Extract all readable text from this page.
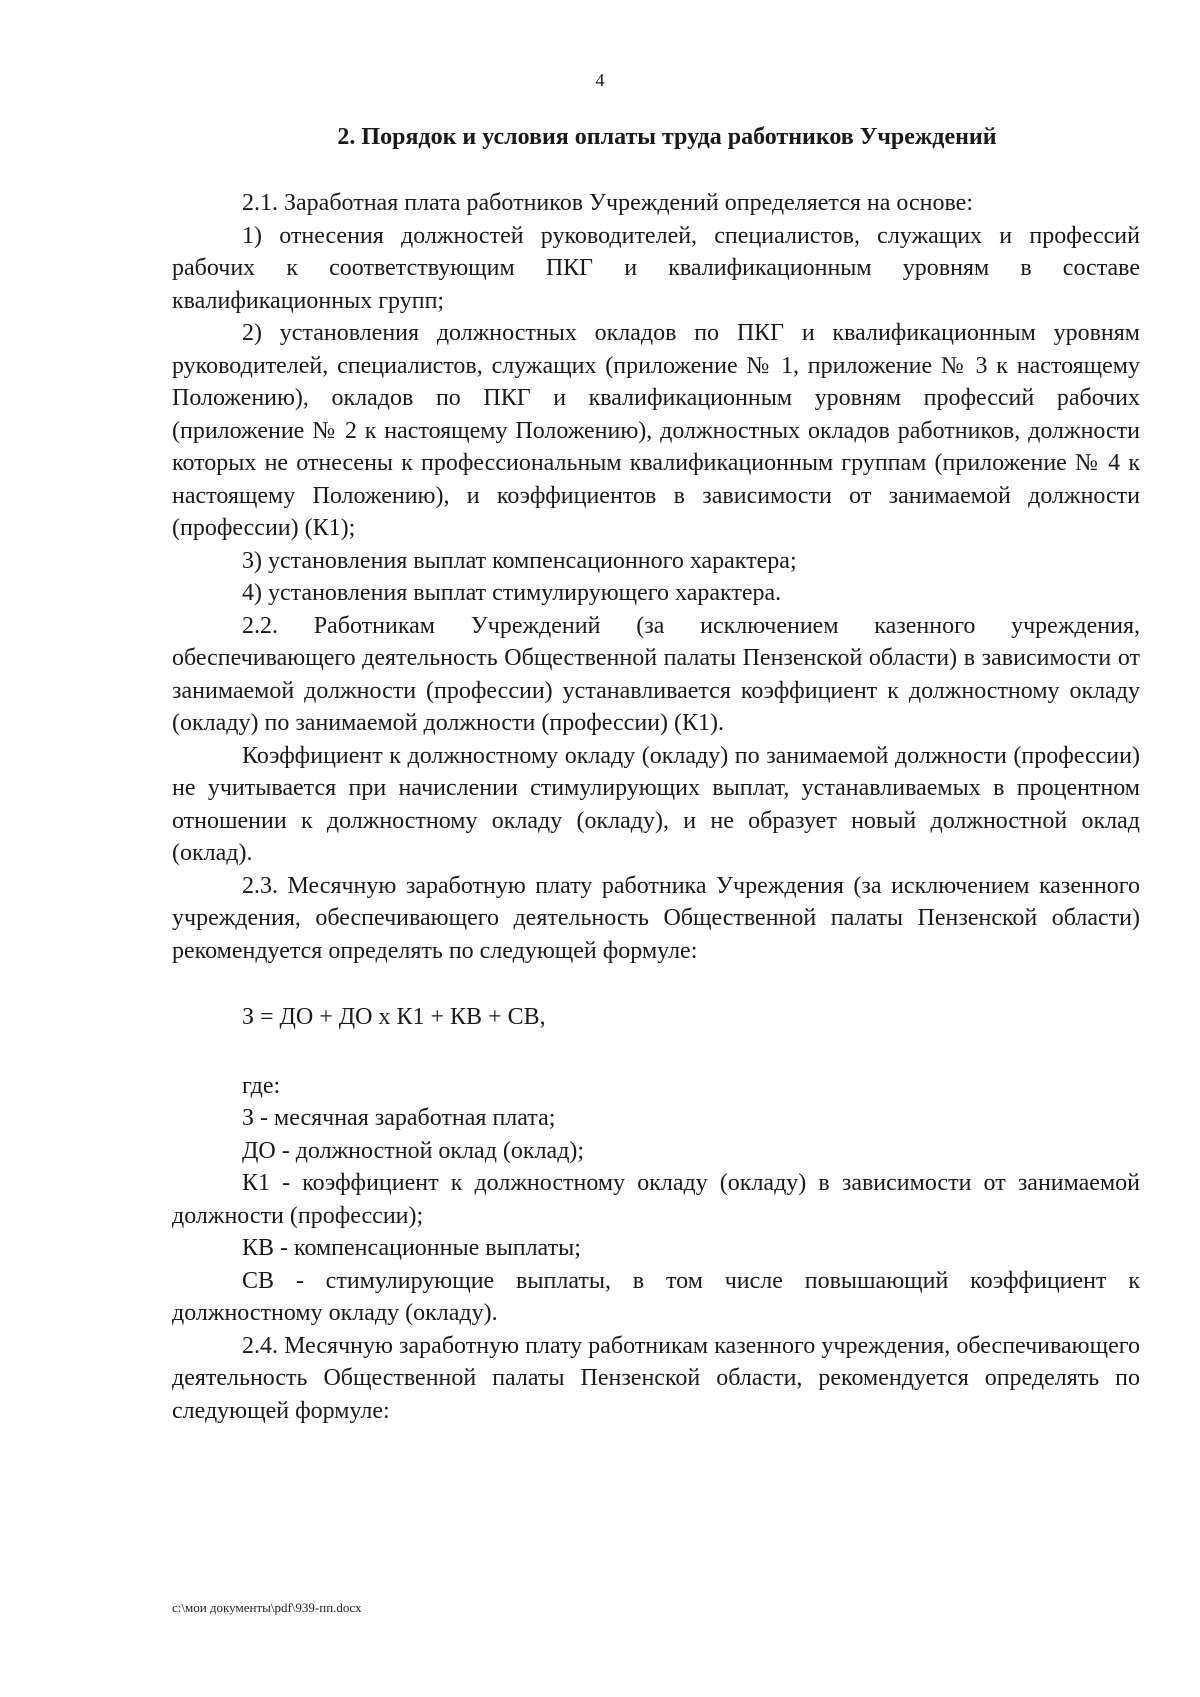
4
2. Порядок и условия оплаты труда работников Учреждений

2.1. Заработная плата работников Учреждений определяется на основе:

1) отнесения должностей руководителей, специалистов, служащих и профессий рабочих к соответствующим ПКГ и квалификационным уровням в составе квалификационных групп;

2) установления должностных окладов по ПКГ и квалификационным уровням руководителей, специалистов, служащих (приложение № 1, приложение № 3 к настоящему Положению), окладов по ПКГ и квалификационным уровням профессий рабочих (приложение № 2 к настоящему Положению), должностных окладов работников, должности которых не отнесены к профессиональным квалификационным группам (приложение № 4 к настоящему Положению), и коэффициентов в зависимости от занимаемой должности (профессии) (К1);

3) установления выплат компенсационного характера;

4) установления выплат стимулирующего характера.

2.2. Работникам Учреждений (за исключением казенного учреждения, обеспечивающего деятельность Общественной палаты Пензенской области) в зависимости от занимаемой должности (профессии) устанавливается коэффициент к должностному окладу (окладу) по занимаемой должности (профессии) (К1).

Коэффициент к должностному окладу (окладу) по занимаемой должности (профессии) не учитывается при начислении стимулирующих выплат, устанавливаемых в процентном отношении к должностному окладу (окладу), и не образует новый должностной оклад (оклад).

2.3. Месячную заработную плату работника Учреждения (за исключением казенного учреждения, обеспечивающего деятельность Общественной палаты Пензенской области) рекомендуется определять по следующей формуле:

З = ДО + ДО х К1 + КВ + СВ,

где:

З - месячная заработная плата;

ДО - должностной оклад (оклад);

К1 - коэффициент к должностному окладу (окладу) в зависимости от занимаемой должности (профессии);

КВ - компенсационные выплаты;

СВ - стимулирующие выплаты, в том числе повышающий коэффициент к должностному окладу (окладу).

2.4. Месячную заработную плату работникам казенного учреждения, обеспечивающего деятельность Общественной палаты Пензенской области, рекомендуется определять по следующей формуле:

c:\мои документы\pdf\939-пп.docx
